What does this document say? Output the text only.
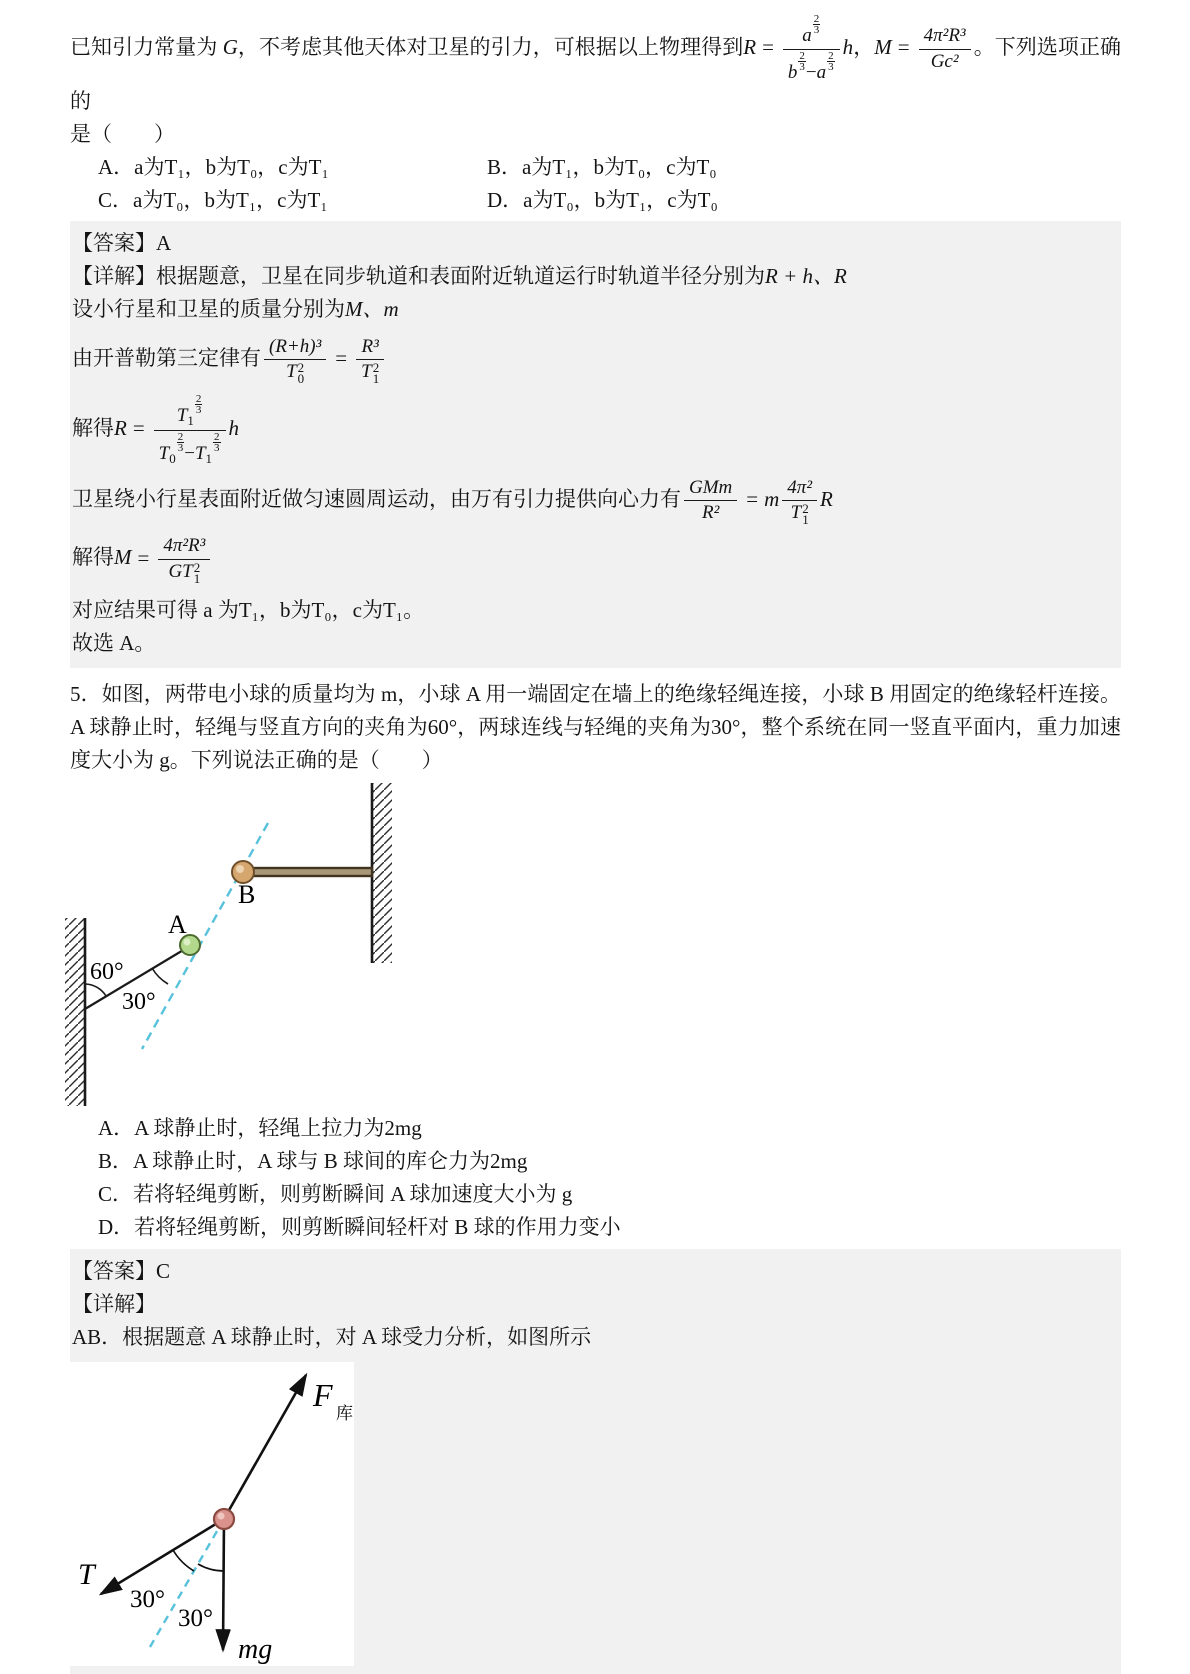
已知引力常量为 G，不考虑其他天体对卫星的引力，可根据以上物理得到R = a
$\frac{2}{3}$
b
$\frac{2}{3}$
−a
$\frac{2}{3}$ h，$M = \frac{\text{4π²R³}}{\text{Gc²}}$ 。下列选项正确的

是（　　）

A．a为T₁，b为T₀，c为T₁	B．a为T₁，b为T₀，c为T₀
C．a为T₀，b为T₁，c为T₁	D．a为T₀，b为T₁，c为T₀

【答案】A

【详解】根据题意，卫星在同步轨道和表面附近轨道运行时轨道半径分别为R + h、R

设小行星和卫星的质量分别为M、m

由开普勒第三定律有 (R+h)³
T 2
0 = R³
T 2
1

解得$R = T_1$
$\frac{2}{3}$
$T_0$
$\frac{2}{3}$
$-T_1$
$\frac{2}{3}$ h

卫星绕小行星表面附近做匀速圆周运动，由万有引力提供向心力有 $\frac{\text{GMm}}{\text{R²}} = m$ 4π²
T 2
1 R

解得M = 4π²R³
GT 2
1

对应结果可得 a 为T₁，b为T₀，c为T₁。

故选 A。

5．如图，两带电小球的质量均为 m，小球 A 用一端固定在墙上的绝缘轻绳连接，小球 B 用固定的绝缘轻杆连接。A 球静止时，轻绳与竖直方向的夹角为60°，两球连线与轻绳的夹角为30°，整个系统在同一竖直平面内，重力加速度大小为 g。下列说法正确的是（　　）

A
B
60°
30°
A．A 球静止时，轻绳上拉力为2mg
B．A 球静止时，A 球与 B 球间的库仑力为2mg
C．若将轻绳剪断，则剪断瞬间 A 球加速度大小为 g
D．若将轻绳剪断，则剪断瞬间轻杆对 B 球的作用力变小

【答案】C

【详解】

AB．根据题意 A 球静止时，对 A 球受力分析，如图所示

F
库
T
mg
30°
30°
